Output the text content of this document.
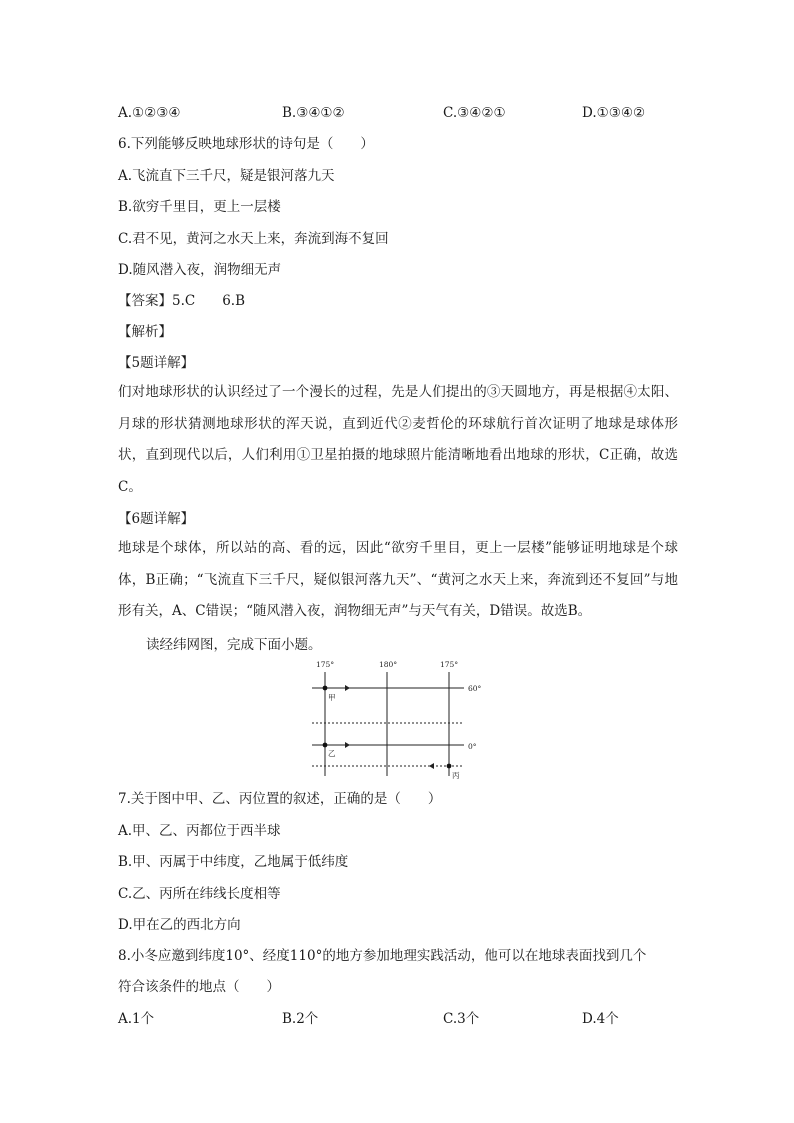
A.①②③④	B.③④①②	C.③④②①	D.①③④②
6.下列能够反映地球形状的诗句是（　　）
A.飞流直下三千尺，疑是银河落九天
B.欲穷千里目，更上一层楼
C.君不见，黄河之水天上来，奔流到海不复回
D.随风潜入夜，润物细无声
【答案】5.C　　6.B
【解析】
【5题详解】
们对地球形状的认识经过了一个漫长的过程，先是人们提出的③天圆地方，再是根据④太阳、月球的形状猜测地球形状的浑天说，直到近代②麦哲伦的环球航行首次证明了地球是球体形状，直到现代以后，人们利用①卫星拍摄的地球照片能清晰地看出地球的形状，C正确，故选C。
【6题详解】
地球是个球体，所以站的高、看的远，因此“欲穷千里目，更上一层楼”能够证明地球是个球体，B正确；“飞流直下三千尺，疑似银河落九天”、“黄河之水天上来，奔流到还不复回”与地形有关，A、C错误；“随风潜入夜，润物细无声”与天气有关，D错误。故选B。
读经纬网图，完成下面小题。
175°	180°	175°
60°
0°
甲
乙
丙
7.关于图中甲、乙、丙位置的叙述，正确的是（　　）
A.甲、乙、丙都位于西半球
B.甲、丙属于中纬度，乙地属于低纬度
C.乙、丙所在纬线长度相等
D.甲在乙的西北方向
8.小冬应邀到纬度10°、经度110°的地方参加地理实践活动，他可以在地球表面找到几个
符合该条件的地点（　　）
A.1个	B.2个	C.3个	D.4个
